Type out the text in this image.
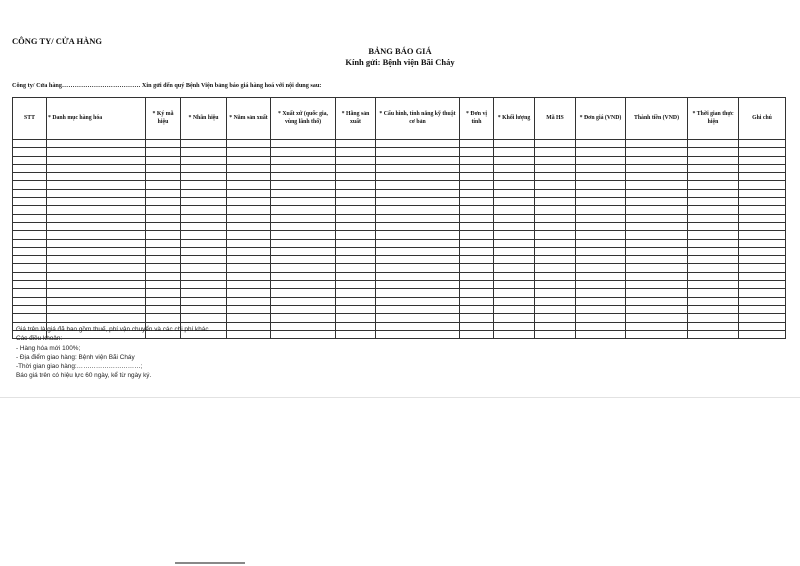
CÔNG TY/ CỬA HÀNG
BẢNG BÁO GIÁ
Kính gửi: Bệnh viện Bãi Cháy
Công ty/ Cửa hàng………………………………. Xin gửi đến quý Bệnh Viện bảng báo giá hàng hoá với nội dung sau:
STT	* Danh mục hàng hóa	* Ký mã hiệu	* Nhãn hiệu	* Năm sản xuất	* Xuất xứ (quốc gia, vùng lãnh thổ)	* Hãng sản xuất	* Cấu hình, tính năng kỹ thuật cơ bản	* Đơn vị tính	* Khối lượng	Mã HS	* Đơn giá (VND)	Thành tiền (VND)	* Thời gian thực hiện	Ghi chú

Giá trên là giá đã bao gồm thuế, phí vận chuyển và các chi phí khác
Các điều khoản:
- Hàng hóa mới 100%;
- Địa điểm giao hàng: Bệnh viện Bãi Cháy
-Thời gian giao hàng:…………………………;
Báo giá trên có hiệu lực 60 ngày, kể từ ngày ký.
